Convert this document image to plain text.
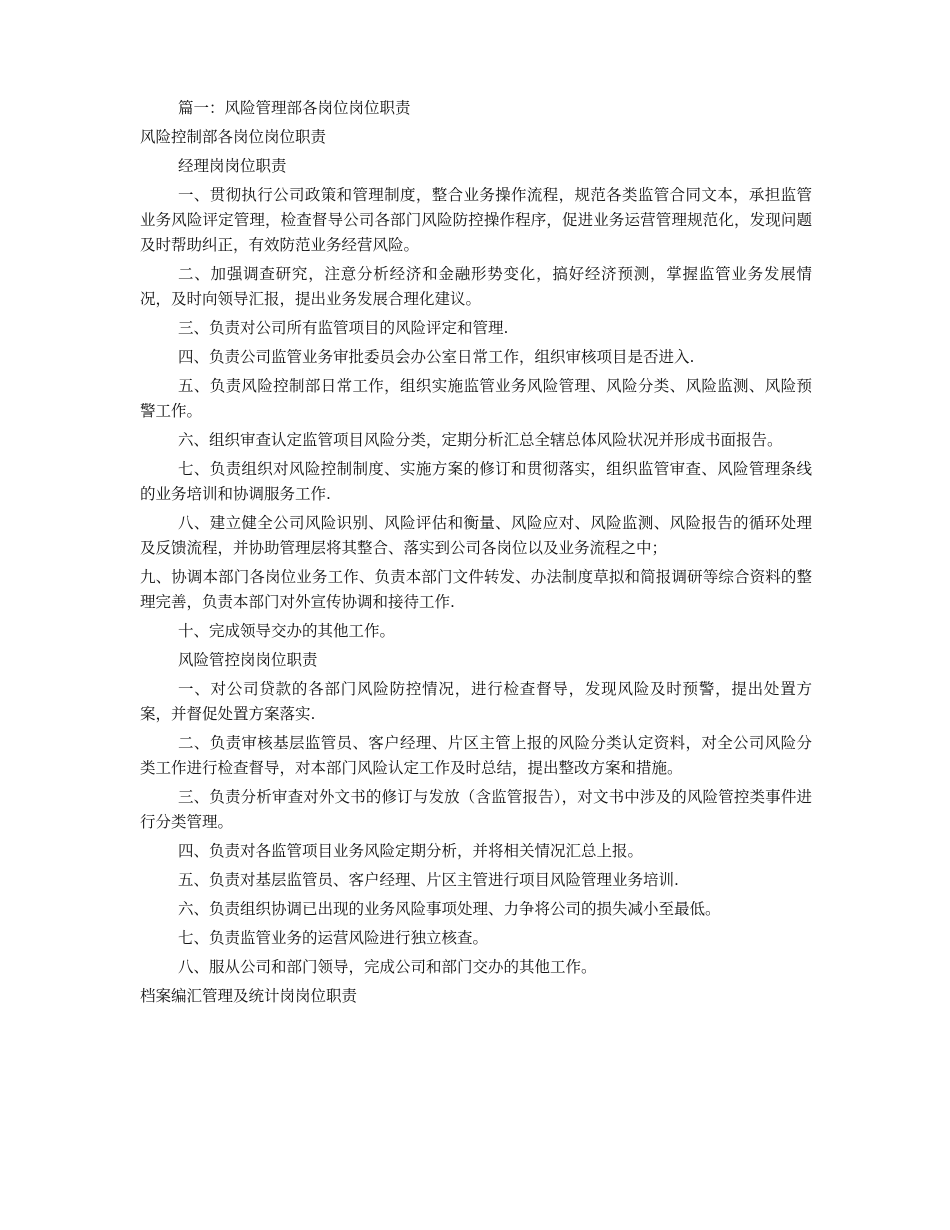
篇一：风险管理部各岗位岗位职责

风险控制部各岗位岗位职责

经理岗岗位职责

一、贯彻执行公司政策和管理制度，整合业务操作流程，规范各类监管合同文本，承担监管业务风险评定管理，检查督导公司各部门风险防控操作程序，促进业务运营管理规范化，发现问题及时帮助纠正，有效防范业务经营风险。

二、加强调查研究，注意分析经济和金融形势变化，搞好经济预测，掌握监管业务发展情况，及时向领导汇报，提出业务发展合理化建议。

三、负责对公司所有监管项目的风险评定和管理.

四、负责公司监管业务审批委员会办公室日常工作，组织审核项目是否进入.

五、负责风险控制部日常工作，组织实施监管业务风险管理、风险分类、风险监测、风险预警工作。

六、组织审查认定监管项目风险分类，定期分析汇总全辖总体风险状况并形成书面报告。

七、负责组织对风险控制制度、实施方案的修订和贯彻落实，组织监管审查、风险管理条线的业务培训和协调服务工作.

八、建立健全公司风险识别、风险评估和衡量、风险应对、风险监测、风险报告的循环处理及反馈流程，并协助管理层将其整合、落实到公司各岗位以及业务流程之中；

九、协调本部门各岗位业务工作、负责本部门文件转发、办法制度草拟和简报调研等综合资料的整理完善，负责本部门对外宣传协调和接待工作.

十、完成领导交办的其他工作。

风险管控岗岗位职责

一、对公司贷款的各部门风险防控情况，进行检查督导，发现风险及时预警，提出处置方案，并督促处置方案落实.

二、负责审核基层监管员、客户经理、片区主管上报的风险分类认定资料，对全公司风险分类工作进行检查督导，对本部门风险认定工作及时总结，提出整改方案和措施。

三、负责分析审查对外文书的修订与发放（含监管报告），对文书中涉及的风险管控类事件进行分类管理。

四、负责对各监管项目业务风险定期分析，并将相关情况汇总上报。

五、负责对基层监管员、客户经理、片区主管进行项目风险管理业务培训.

六、负责组织协调已出现的业务风险事项处理、力争将公司的损失减小至最低。

七、负责监管业务的运营风险进行独立核查。

八、服从公司和部门领导，完成公司和部门交办的其他工作。

档案编汇管理及统计岗岗位职责
